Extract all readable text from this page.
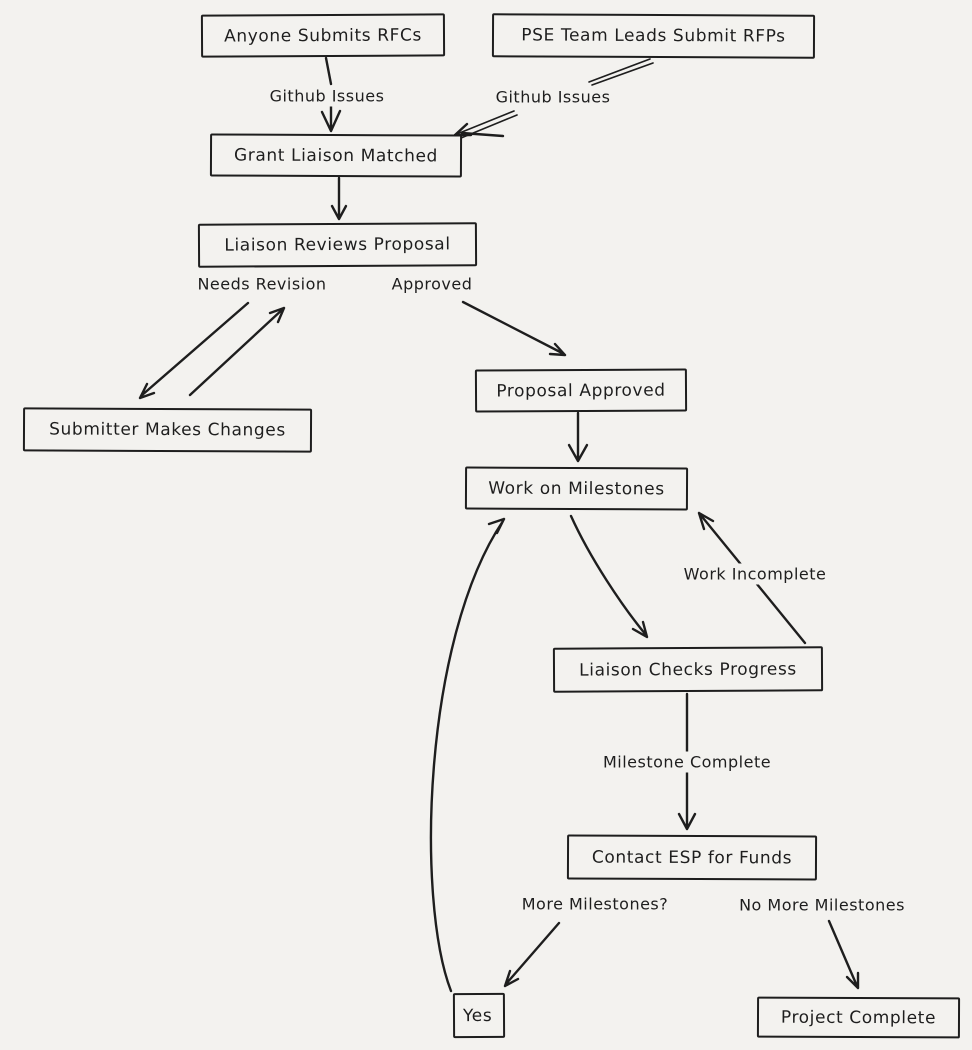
Anyone Submits RFCs	PSE Team Leads Submit RFPs
Grant Liaison Matched
Liaison Reviews Proposal
Submitter Makes Changes
Proposal Approved
Work on Milestones
Liaison Checks Progress
Contact ESP for Funds
Yes	Project Complete
Github Issues	Github Issues
Needs Revision	Approved
Work Incomplete
Milestone Complete
More Milestones?	No More Milestones
